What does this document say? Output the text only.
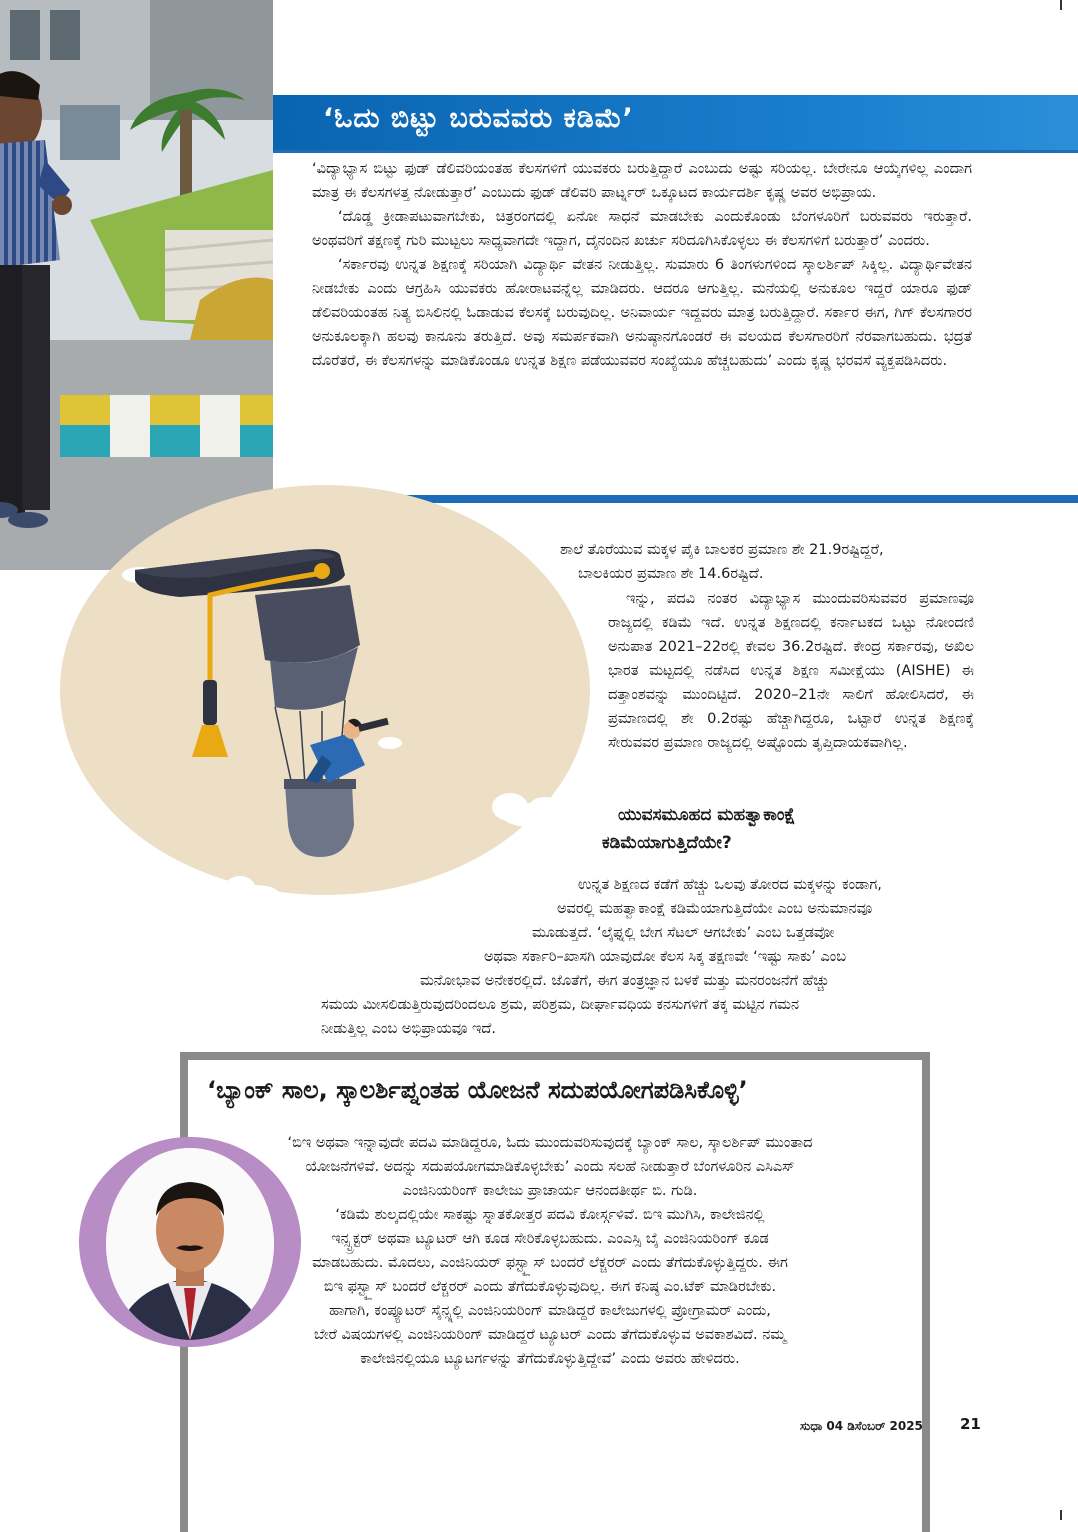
‘ಓದು ಬಿಟ್ಟು ಬರುವವರು ಕಡಿಮೆ’

‘ವಿದ್ಯಾಭ್ಯಾಸ ಬಿಟ್ಟು ಫುಡ್ ಡೆಲಿವರಿಯಂತಹ ಕೆಲಸಗಳಿಗೆ ಯುವಕರು ಬರುತ್ತಿದ್ದಾರೆ ಎಂಬುದು ಅಷ್ಟು ಸರಿಯಲ್ಲ. ಬೇರೇನೂ ಆಯ್ಕೆಗಳಿಲ್ಲ ಎಂದಾಗ ಮಾತ್ರ ಈ ಕೆಲಸಗಳತ್ತ ನೋಡುತ್ತಾರೆ’ ಎಂಬುದು ಫುಡ್ ಡೆಲಿವರಿ ಪಾರ್ಟ್ನರ್ ಒಕ್ಕೂಟದ ಕಾರ್ಯದರ್ಶಿ ಕೃಷ್ಣ ಅವರ ಅಭಿಪ್ರಾಯ.

‘ದೊಡ್ಡ ಕ್ರೀಡಾಪಟುವಾಗಬೇಕು, ಚಿತ್ರರಂಗದಲ್ಲಿ ಏನೋ ಸಾಧನೆ ಮಾಡಬೇಕು ಎಂದುಕೊಂಡು ಬೆಂಗಳೂರಿಗೆ ಬರುವವರು ಇರುತ್ತಾರೆ. ಅಂಥವರಿಗೆ ತಕ್ಷಣಕ್ಕೆ ಗುರಿ ಮುಟ್ಟಲು ಸಾಧ್ಯವಾಗದೇ ಇದ್ದಾಗ, ದೈನಂದಿನ ಖರ್ಚು ಸರಿದೂಗಿಸಿಕೊಳ್ಳಲು ಈ ಕೆಲಸಗಳಿಗೆ ಬರುತ್ತಾರೆ’ ಎಂದರು.

‘ಸರ್ಕಾರವು ಉನ್ನತ ಶಿಕ್ಷಣಕ್ಕೆ ಸರಿಯಾಗಿ ವಿದ್ಯಾರ್ಥಿ ವೇತನ ನೀಡುತ್ತಿಲ್ಲ. ಸುಮಾರು 6 ತಿಂಗಳುಗಳಿಂದ ಸ್ಕಾಲರ್ಶಿಪ್ ಸಿಕ್ಕಿಲ್ಲ. ವಿದ್ಯಾರ್ಥಿವೇತನ ನೀಡಬೇಕು ಎಂದು ಆಗ್ರಹಿಸಿ ಯುವಕರು ಹೋರಾಟವನ್ನೆಲ್ಲ ಮಾಡಿದರು. ಆದರೂ ಆಗುತ್ತಿಲ್ಲ. ಮನೆಯಲ್ಲಿ ಅನುಕೂಲ ಇದ್ದರೆ ಯಾರೂ ಫುಡ್ ಡೆಲಿವರಿಯಂತಹ ನಿತ್ಯ ಬಿಸಿಲಿನಲ್ಲಿ ಓಡಾಡುವ ಕೆಲಸಕ್ಕೆ ಬರುವುದಿಲ್ಲ. ಅನಿವಾರ್ಯ ಇದ್ದವರು ಮಾತ್ರ ಬರುತ್ತಿದ್ದಾರೆ. ಸರ್ಕಾರ ಈಗ, ಗಿಗ್ ಕೆಲಸಗಾರರ ಅನುಕೂಲಕ್ಕಾಗಿ ಹಲವು ಕಾನೂನು ತರುತ್ತಿದೆ. ಅವು ಸಮರ್ಪಕವಾಗಿ ಅನುಷ್ಠಾನಗೊಂಡರೆ ಈ ವಲಯದ ಕೆಲಸಗಾರರಿಗೆ ನೆರವಾಗಬಹುದು. ಭದ್ರತೆ ದೊರೆತರೆ, ಈ ಕೆಲಸಗಳನ್ನು ಮಾಡಿಕೊಂಡೂ ಉನ್ನತ ಶಿಕ್ಷಣ ಪಡೆಯುವವರ ಸಂಖ್ಯೆಯೂ ಹೆಚ್ಚಬಹುದು’ ಎಂದು ಕೃಷ್ಣ ಭರವಸೆ ವ್ಯಕ್ತಪಡಿಸಿದರು.

ಶಾಲೆ ತೊರೆಯುವ ಮಕ್ಕಳ ಪೈಕಿ ಬಾಲಕರ ಪ್ರಮಾಣ ಶೇ 21.9ರಷ್ಟಿದ್ದರೆ,
ಬಾಲಕಿಯರ ಪ್ರಮಾಣ ಶೇ 14.6ರಷ್ಟಿದೆ.

ಇನ್ನು, ಪದವಿ ನಂತರ ವಿದ್ಯಾಭ್ಯಾಸ ಮುಂದುವರಿಸುವವರ ಪ್ರಮಾಣವೂ ರಾಜ್ಯದಲ್ಲಿ ಕಡಿಮೆ ಇದೆ. ಉನ್ನತ ಶಿಕ್ಷಣದಲ್ಲಿ ಕರ್ನಾಟಕದ ಒಟ್ಟು ನೋಂದಣಿ ಅನುಪಾತ 2021–22ರಲ್ಲಿ ಕೇವಲ 36.2ರಷ್ಟಿದೆ. ಕೇಂದ್ರ ಸರ್ಕಾರವು, ಅಖಿಲ ಭಾರತ ಮಟ್ಟದಲ್ಲಿ ನಡೆಸಿದ ಉನ್ನತ ಶಿಕ್ಷಣ ಸಮೀಕ್ಷೆಯು (AISHE) ಈ ದತ್ತಾಂಶವನ್ನು ಮುಂದಿಟ್ಟಿದೆ. 2020–21ನೇ ಸಾಲಿಗೆ ಹೋಲಿಸಿದರೆ, ಈ ಪ್ರಮಾಣದಲ್ಲಿ ಶೇ 0.2ರಷ್ಟು ಹೆಚ್ಚಾಗಿದ್ದರೂ, ಒಟ್ಟಾರೆ ಉನ್ನತ ಶಿಕ್ಷಣಕ್ಕೆ ಸೇರುವವರ ಪ್ರಮಾಣ ರಾಜ್ಯದಲ್ಲಿ ಅಷ್ಟೊಂದು ತೃಪ್ತಿದಾಯಕವಾಗಿಲ್ಲ.

ಯುವಸಮೂಹದ ಮಹತ್ವಾಕಾಂಕ್ಷೆ
ಕಡಿಮೆಯಾಗುತ್ತಿದೆಯೇ?
ಉನ್ನತ ಶಿಕ್ಷಣದ ಕಡೆಗೆ ಹೆಚ್ಚು ಒಲವು ತೋರದ ಮಕ್ಕಳನ್ನು ಕಂಡಾಗ,
ಅವರಲ್ಲಿ ಮಹತ್ವಾಕಾಂಕ್ಷೆ ಕಡಿಮೆಯಾಗುತ್ತಿದೆಯೇ ಎಂಬ ಅನುಮಾನವೂ
ಮೂಡುತ್ತದೆ. ‘ಲೈಫ್ನಲ್ಲಿ ಬೇಗ ಸೆಟಲ್ ಆಗಬೇಕು’ ಎಂಬ ಒತ್ತಡವೋ
ಅಥವಾ ಸರ್ಕಾರಿ–ಖಾಸಗಿ ಯಾವುದೋ ಕೆಲಸ ಸಿಕ್ಕ ತಕ್ಷಣವೇ ‘ಇಷ್ಟು ಸಾಕು’ ಎಂಬ
ಮನೋಭಾವ ಅನೇಕರಲ್ಲಿದೆ. ಜೊತೆಗೆ, ಈಗ ತಂತ್ರಜ್ಞಾನ ಬಳಕೆ ಮತ್ತು ಮನರಂಜನೆಗೆ ಹೆಚ್ಚು
ಸಮಯ ಮೀಸಲಿಡುತ್ತಿರುವುದರಿಂದಲೂ ಶ್ರಮ, ಪರಿಶ್ರಮ, ದೀರ್ಘಾವಧಿಯ ಕನಸುಗಳಿಗೆ ತಕ್ಕ ಮಟ್ಟಿನ ಗಮನ
ನೀಡುತ್ತಿಲ್ಲ ಎಂಬ ಅಭಿಪ್ರಾಯವೂ ಇದೆ.
‘ಬ್ಯಾಂಕ್ ಸಾಲ, ಸ್ಕಾಲರ್ಶಿಪ್ನಂತಹ ಯೋಜನೆ ಸದುಪಯೋಗಪಡಿಸಿಕೊಳ್ಳಿ’

‘ಬಿಇ ಅಥವಾ ಇನ್ನಾವುದೇ ಪದವಿ ಮಾಡಿದ್ದರೂ, ಓದು ಮುಂದುವರಿಸುವುದಕ್ಕೆ ಬ್ಯಾಂಕ್ ಸಾಲ, ಸ್ಕಾಲರ್ಶಿಪ್ ಮುಂತಾದ

ಯೋಜನೆಗಳಿವೆ. ಅದನ್ನು ಸದುಪಯೋಗಮಾಡಿಕೊಳ್ಳಬೇಕು’ ಎಂದು ಸಲಹೆ ನೀಡುತ್ತಾರೆ ಬೆಂಗಳೂರಿನ ಎಸಿಎಸ್

ಎಂಜಿನಿಯರಿಂಗ್ ಕಾಲೇಜು ಪ್ರಾಚಾರ್ಯ ಆನಂದತೀರ್ಥ ಬಿ. ಗುಡಿ.

‘ಕಡಿಮೆ ಶುಲ್ಕದಲ್ಲಿಯೇ ಸಾಕಷ್ಟು ಸ್ನಾತಕೋತ್ತರ ಪದವಿ ಕೋರ್ಸ್ಗಳಿವೆ. ಬಿಇ ಮುಗಿಸಿ, ಕಾಲೇಜಿನಲ್ಲಿ

ಇನ್ಸ್ಟ್ರಕ್ಟರ್ ಅಥವಾ ಟ್ಯೂಟರ್ ಆಗಿ ಕೂಡ ಸೇರಿಕೊಳ್ಳಬಹುದು. ಎಂಎಸ್ಸಿ ಬೈ ಎಂಜಿನಿಯರಿಂಗ್ ಕೂಡ

ಮಾಡಬಹುದು. ಮೊದಲು, ಎಂಜಿನಿಯರ್ ಫಸ್ಟ್ಕ್ಲಾಸ್ ಬಂದರೆ ಲೆಕ್ಚರರ್ ಎಂದು ತೆಗೆದುಕೊಳ್ಳುತ್ತಿದ್ದರು. ಈಗ

ಬಿಇ ಫಸ್ಟ್ಕ್ಲಾಸ್ ಬಂದರೆ ಲೆಕ್ಚರರ್ ಎಂದು ತೆಗೆದುಕೊಳ್ಳುವುದಿಲ್ಲ. ಈಗ ಕನಿಷ್ಠ ಎಂ.ಟೆಕ್ ಮಾಡಿರಬೇಕು.

ಹಾಗಾಗಿ, ಕಂಪ್ಯೂಟರ್ ಸೈನ್ಸ್ನಲ್ಲಿ ಎಂಜಿನಿಯರಿಂಗ್ ಮಾಡಿದ್ದರೆ ಕಾಲೇಜುಗಳಲ್ಲಿ ಪ್ರೋಗ್ರಾಮರ್ ಎಂದು,

ಬೇರೆ ವಿಷಯಗಳಲ್ಲಿ ಎಂಜಿನಿಯರಿಂಗ್ ಮಾಡಿದ್ದರೆ ಟ್ಯೂಟರ್ ಎಂದು ತೆಗೆದುಕೊಳ್ಳುವ ಅವಕಾಶವಿದೆ. ನಮ್ಮ

ಕಾಲೇಜಿನಲ್ಲಿಯೂ ಟ್ಯೂಟರ್ಗಳನ್ನು ತೆಗೆದುಕೊಳ್ಳುತ್ತಿದ್ದೇವೆ’ ಎಂದು ಅವರು ಹೇಳಿದರು.

ಸುಧಾ 04 ಡಿಸೆಂಬರ್ 2025 21
